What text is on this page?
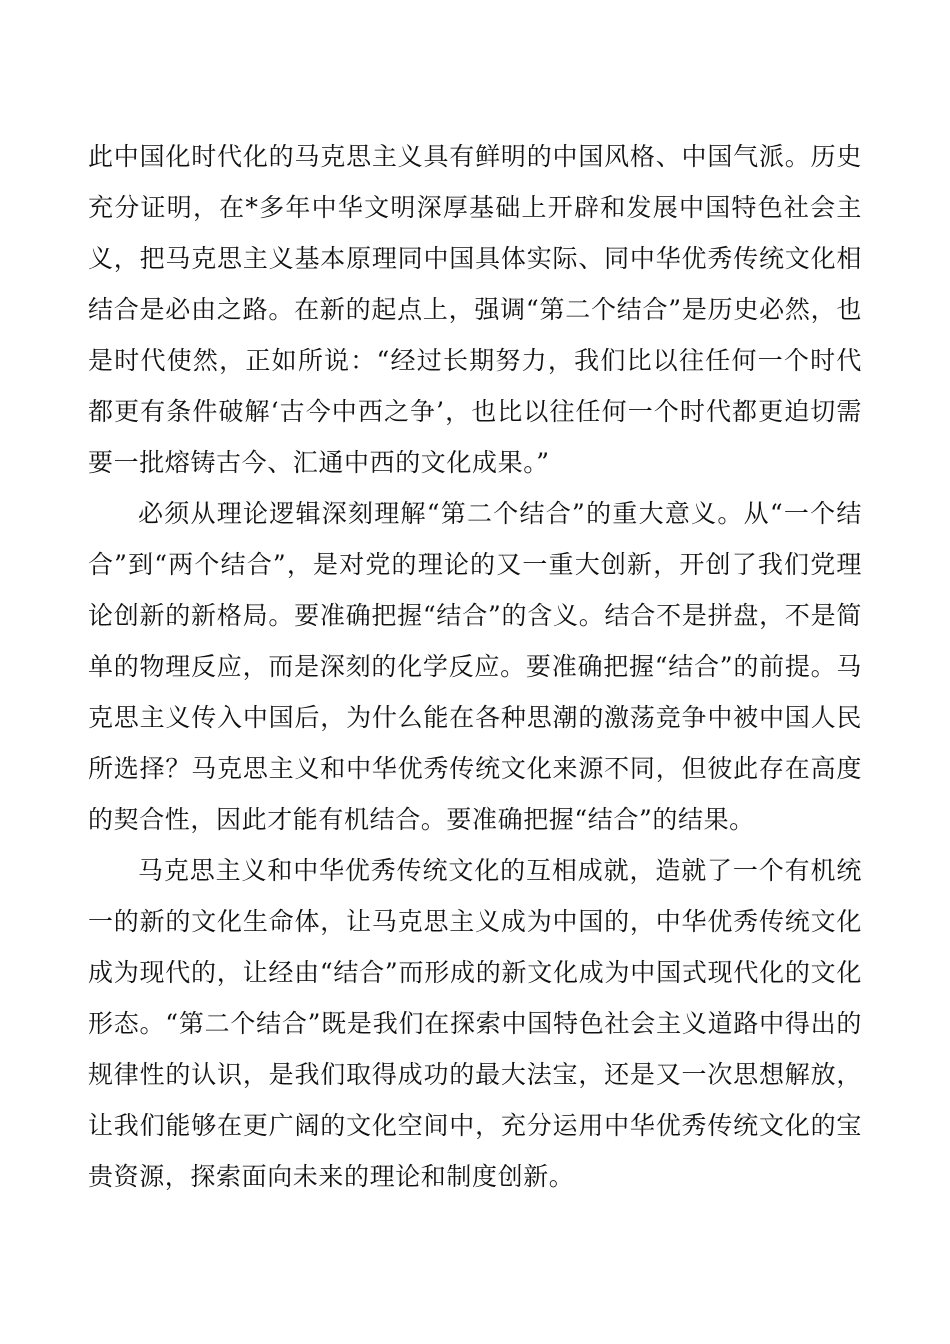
此中国化时代化的马克思主义具有鲜明的中国风格、中国气派。历史充分证明，在*多年中华文明深厚基础上开辟和发展中国特色社会主义，把马克思主义基本原理同中国具体实际、同中华优秀传统文化相结合是必由之路。在新的起点上，强调“第二个结合”是历史必然，也是时代使然，正如所说：“经过长期努力，我们比以往任何一个时代都更有条件破解‘古今中西之争’，也比以往任何一个时代都更迫切需要一批熔铸古今、汇通中西的文化成果。”

必须从理论逻辑深刻理解“第二个结合”的重大意义。从“一个结合”到“两个结合”，是对党的理论的又一重大创新，开创了我们党理论创新的新格局。要准确把握“结合”的含义。结合不是拼盘，不是简单的物理反应，而是深刻的化学反应。要准确把握“结合”的前提。马克思主义传入中国后，为什么能在各种思潮的激荡竞争中被中国人民所选择？马克思主义和中华优秀传统文化来源不同，但彼此存在高度的契合性，因此才能有机结合。要准确把握“结合”的结果。

马克思主义和中华优秀传统文化的互相成就，造就了一个有机统一的新的文化生命体，让马克思主义成为中国的，中华优秀传统文化成为现代的，让经由“结合”而形成的新文化成为中国式现代化的文化形态。“第二个结合”既是我们在探索中国特色社会主义道路中得出的规律性的认识，是我们取得成功的最大法宝，还是又一次思想解放，让我们能够在更广阔的文化空间中，充分运用中华优秀传统文化的宝贵资源，探索面向未来的理论和制度创新。
